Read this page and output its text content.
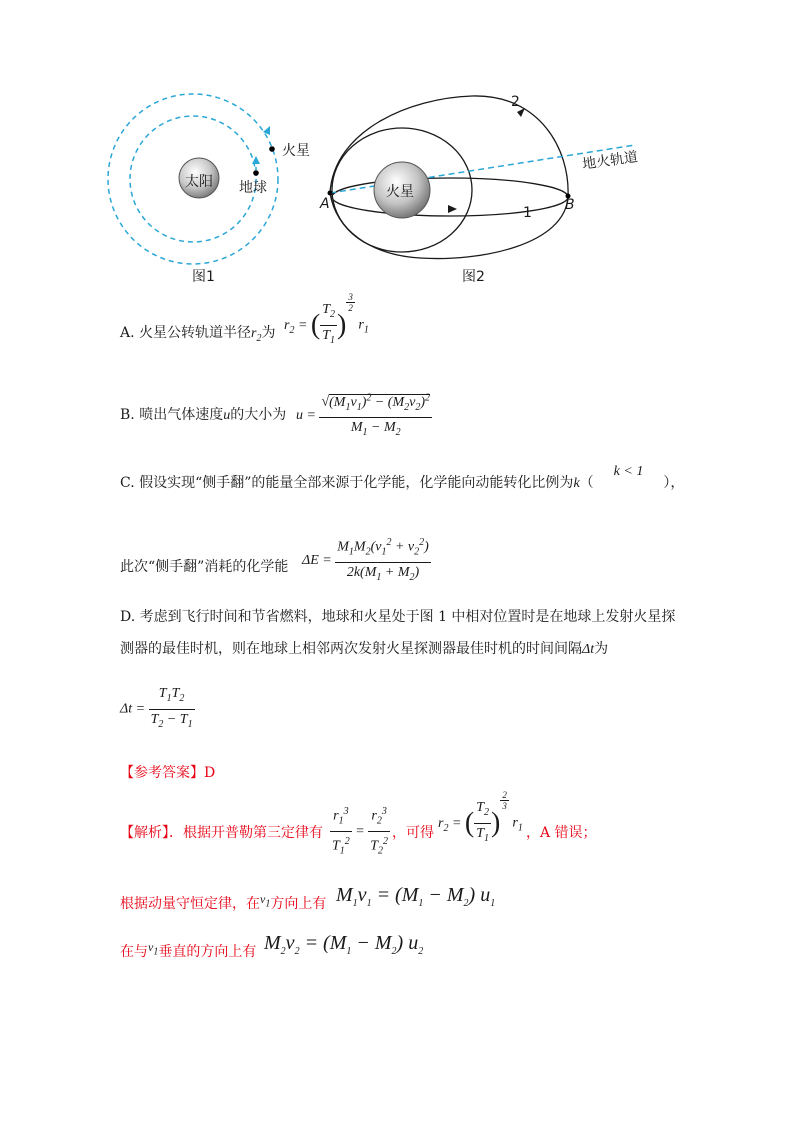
太阳 地球
火星
图1
火星
地火轨道
A	B
1
2
图2
A. 火星公转轨道半径$r_2$为 $r_2$ = ( $\frac{T_2}{T_1}$ )
$^{\frac{3}{2}}$
$r_1$
B. 喷出气体速度u的大小为 $u = \frac{√(M_1v_1)^2 - (M_2v_2)^2}{M_1 - M_2}$
C. 假设实现“侧手翻”的能量全部来源于化学能，化学能向动能转化比例为k（k < 1），
此次“侧手翻”消耗的化学能 $\Delta E = \frac{M_1M_2(v_1^2 + v_2^2)}{2k(M_1 + M_2)}$
D. 考虑到飞行时间和节省燃料，地球和火星处于图 1 中相对位置时是在地球上发射火星探
测器的最佳时机，则在地球上相邻两次发射火星探测器最佳时机的时间间隔Δt为
$\Delta t = \frac{T_1T_2}{T_2 - T_1}$
【参考答案】D
【解析】．根据开普勒第三定律有 $\frac{r_1^3}{T_1^2} = \frac{r_2^3}{T_2^2}$ ，可得
$r_2$ = ( $\frac{T_2}{T_1}$ )
$^{\frac{2}{3}}$
$r_1$ ，A 错误；
根据动量守恒定律，在$v_1$方向上有 $M_1v_1 = (M_1 - M_2)$ $u_1$
在与$v_1$垂直的方向上有 $M_2v_2 = (M_1 - M_2)$ $u_2$
